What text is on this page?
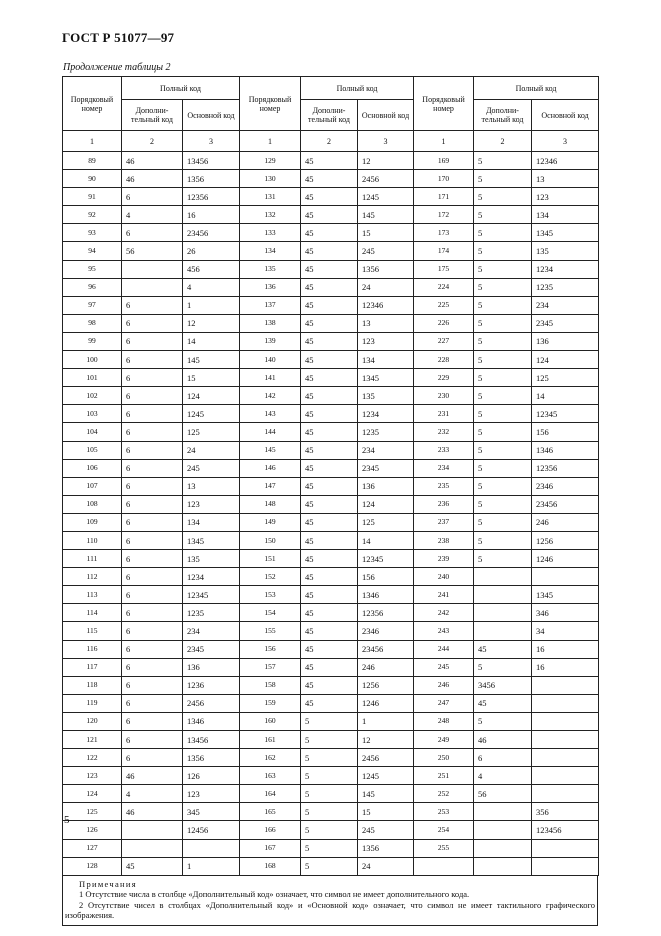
ГОСТ Р 51077—97
Продолжение таблицы 2
Порядковый номер	Полный код		Порядковый номер	Полный код		Порядковый номер	Полный код	
	Дополни-тельный код	Основной код		Дополни-тельный код	Основной код		Дополни-тельный код	Основной код
1	2	3	1	2	3	1	2	3
89	46	13456	129	45	12	169	5	12346
90	46	1356	130	45	2456	170	5	13
91	6	12356	131	45	1245	171	5	123
92	4	16	132	45	145	172	5	134
93	6	23456	133	45	15	173	5	1345
94	56	26	134	45	245	174	5	135
95		456	135	45	1356	175	5	1234
96		4	136	45	24	224	5	1235
97	6	1	137	45	12346	225	5	234
98	6	12	138	45	13	226	5	2345
99	6	14	139	45	123	227	5	136
100	6	145	140	45	134	228	5	124
101	6	15	141	45	1345	229	5	125
102	6	124	142	45	135	230	5	14
103	6	1245	143	45	1234	231	5	12345
104	6	125	144	45	1235	232	5	156
105	6	24	145	45	234	233	5	1346
106	6	245	146	45	2345	234	5	12356
107	6	13	147	45	136	235	5	2346
108	6	123	148	45	124	236	5	23456
109	6	134	149	45	125	237	5	246
110	6	1345	150	45	14	238	5	1256
111	6	135	151	45	12345	239	5	1246
112	6	1234	152	45	156	240		
113	6	12345	153	45	1346	241		1345
114	6	1235	154	45	12356	242		346
115	6	234	155	45	2346	243		34
116	6	2345	156	45	23456	244	45	16
117	6	136	157	45	246	245	5	16
118	6	1236	158	45	1256	246	3456	
119	6	2456	159	45	1246	247	45	
120	6	1346	160	5	1	248	5	
121	6	13456	161	5	12	249	46	
122	6	1356	162	5	2456	250	6	
123	46	126	163	5	1245	251	4	
124	4	123	164	5	145	252	56	
125	46	345	165	5	15	253		356
126		12456	166	5	245	254		123456
127			167	5	1356	255		
128	45	1	168	5	24			
Примечания
1 Отсутствие числа в столбце «Дополнительный код» означает, что символ не имеет дополнительного кода.
2 Отсутствие чисел в столбцах «Дополнительный код» и «Основной код» означает, что символ не имеет тактильного графического изображения.
5
